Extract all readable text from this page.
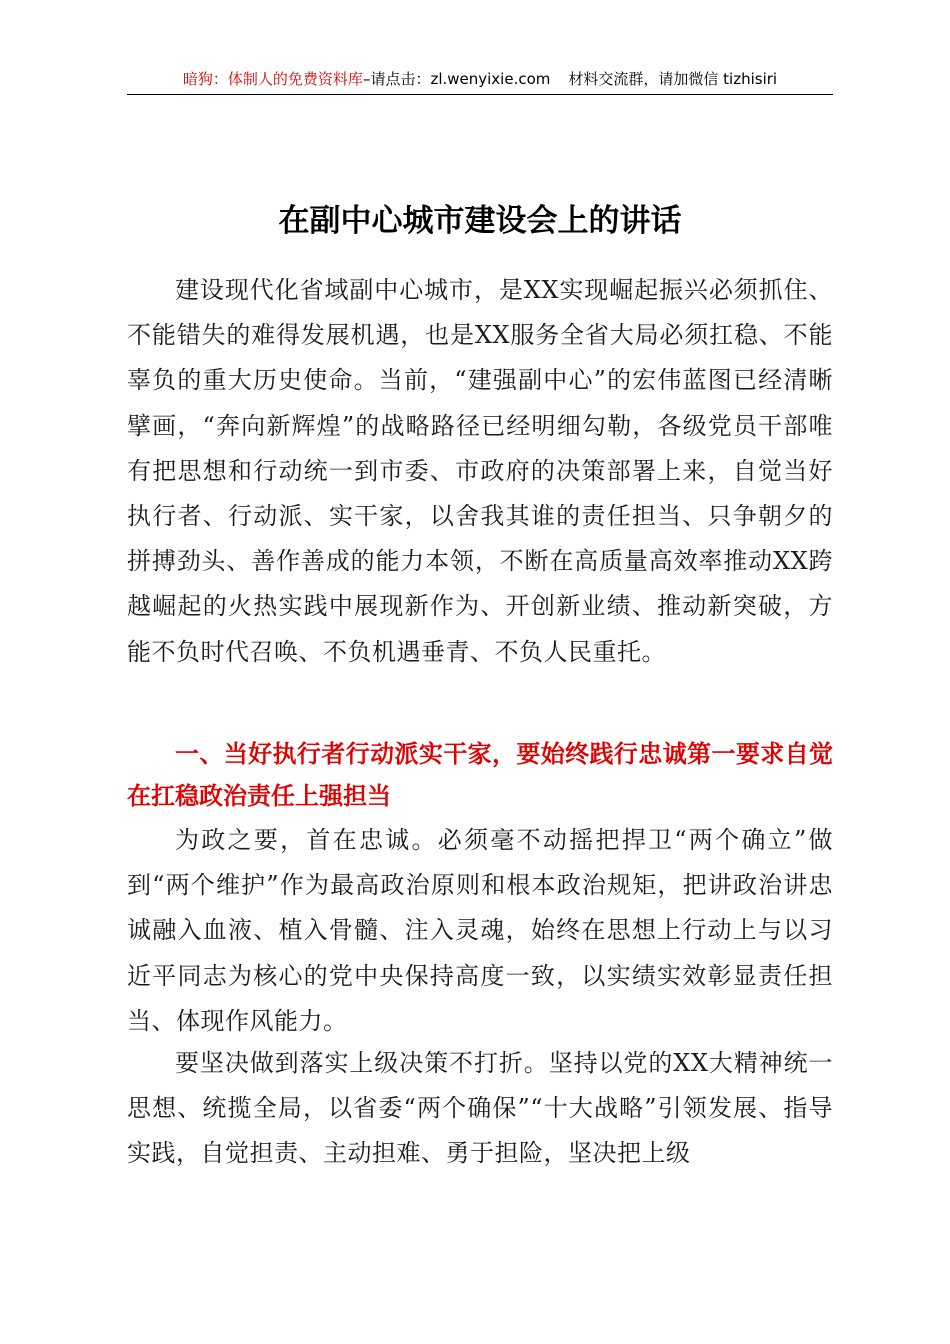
暗狗：体制人的免费资料库–请点击：zl.wenyixie.com 材料交流群，请加微信 tizhisiri
在副中心城市建设会上的讲话

建设现代化省域副中心城市，是XX实现崛起振兴必须抓住、不能错失的难得发展机遇，也是XX服务全省大局必须扛稳、不能辜负的重大历史使命。当前，“建强副中心”的宏伟蓝图已经清晰擘画，“奔向新辉煌”的战略路径已经明细勾勒，各级党员干部唯有把思想和行动统一到市委、市政府的决策部署上来，自觉当好执行者、行动派、实干家，以舍我其谁的责任担当、只争朝夕的拼搏劲头、善作善成的能力本领，不断在高质量高效率推动XX跨越崛起的火热实践中展现新作为、开创新业绩、推动新突破，方能不负时代召唤、不负机遇垂青、不负人民重托。

一、当好执行者行动派实干家，要始终践行忠诚第一要求自觉在扛稳政治责任上强担当

为政之要，首在忠诚。必须毫不动摇把捍卫“两个确立”做到“两个维护”作为最高政治原则和根本政治规矩，把讲政治讲忠诚融入血液、植入骨髓、注入灵魂，始终在思想上行动上与以习近平同志为核心的党中央保持高度一致，以实绩实效彰显责任担当、体现作风能力。

要坚决做到落实上级决策不打折。坚持以党的XX大精神统一思想、统揽全局，以省委“两个确保”“十大战略”引领发展、指导实践，自觉担责、主动担难、勇于担险，坚决把上级
